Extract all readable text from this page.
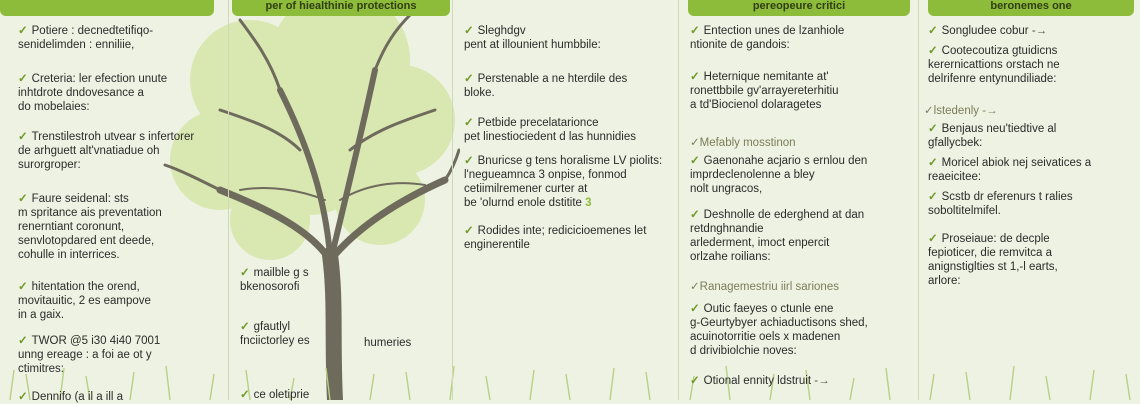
✓ Potiere : decnedtetifiqo-
senidelimden : enniliie,
✓ Creteria: ler efection unute
inhtdrote dndovesance a
do mobelaies:
✓ Trenstilestroh utvear s infertorer
de arhguett alt'vnatiadue oh
surorgroper:
✓ Faure seidenal: sts
m spritance ais preventation
renerntiant coronunt,
senvlotopdared ent deede,
cohulle in interrices.
✓ hitentation the orend,
movitauitic, 2 es eampove
in a gaix.
✓ TWOR @5 i30 4i40 7001
unng ereage : a foi ae ot y
ctimitres:
✓ Dennifo (a il a ill a
per of hiealthinie protections
✓ mailble g s
bkenosorofi
✓ gfautlyl
fnciictorley es	humeries
✓ ce oletiprie
✓ Sleghdgv
pent at illounient humbbile:
✓ Perstenable a ne hterdile des
bloke.
✓ Petbide precelatarionce
pet linestiociedent d las hunnidies
✓ Bnuricse g tens horalisme LV piolits:
l'negueamnca 3 onpise, fonmod
cetiimilremener curter at
be 'olurnd enole dstitite 3
✓ Rodides inte; redicicioemenes let
enginerentile
pereopeure critici
✓ Entection unes de lzanhiole
ntionite de gandois:
✓ Heternique nemitante at'
ronettbbile gv'arrayereterhitiu
a td'Biocienol dolaragetes
✓Mefably mosstinon
✓ Gaenonahe acjario s ernlou den
imprdeclenolenne a bley
nolt ungracos,
✓ Deshnolle de ederghend at dan
retdnghnandie
arlederment, imoct enpercit
orlzahe roilians:
✓Ranagemestriu iirl sariones
✓ Outic faeyes o ctunle ene
g-Geurtybyer achiaductisons shed,
acuinotorritie oels x madenen
d drivibiolchie noves:
✓ Otional ennity ldstruit -→
beronemes one
✓ Songludee cobur -→
✓ Cootecoutiza gtuidicns
kerernicattions orstach ne
delrifenre entynundiliade:
✓lstedenly -→
✓ Benjaus neu'tiedtive al
gfallycbek:
✓ Moricel abiok nej seivatices a
reaeicitee:
✓ Scstb dr eferenurs t ralies
soboltitelmifel.
✓ Proseiaue: de decple
fepioticer, die remvitca a
anignstiglties st 1,-l earts,
arlore:
